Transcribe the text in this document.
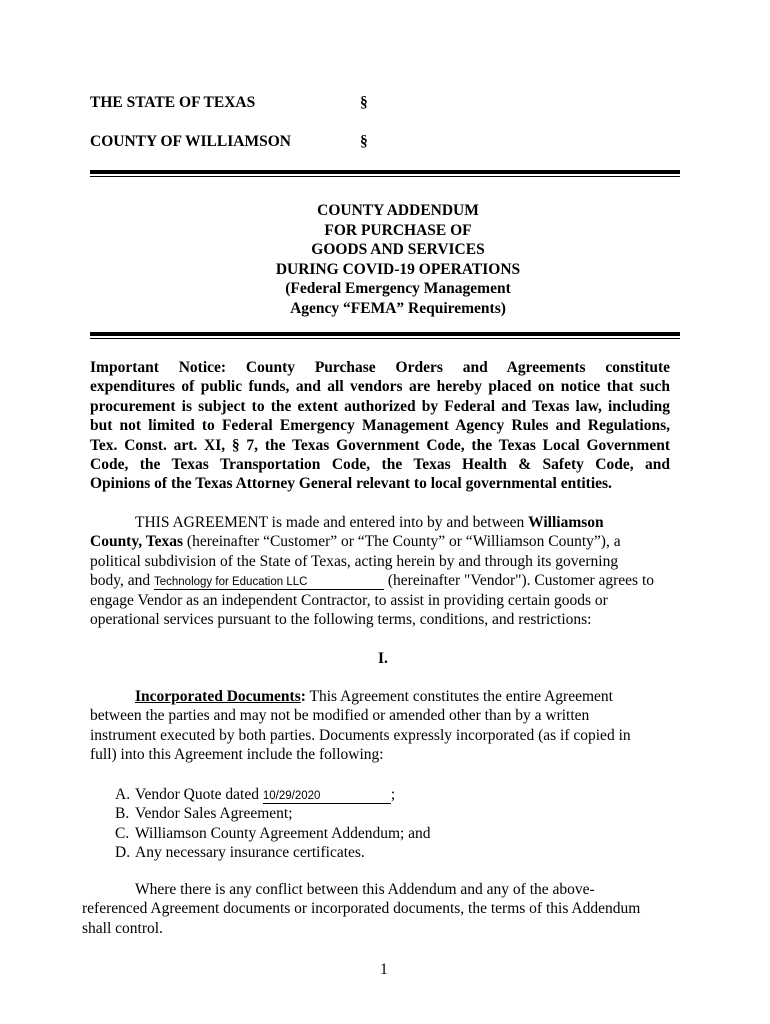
THE STATE OF TEXAS	§
COUNTY OF WILLIAMSON	§
COUNTY ADDENDUM
FOR PURCHASE OF
GOODS AND SERVICES
DURING COVID-19 OPERATIONS
(Federal Emergency Management
Agency “FEMA” Requirements)
Important Notice: County Purchase Orders and Agreements constitute
expenditures of public funds, and all vendors are hereby placed on notice that such
procurement is subject to the extent authorized by Federal and Texas law, including
but not limited to Federal Emergency Management Agency Rules and Regulations,
Tex. Const. art. XI, § 7, the Texas Government Code, the Texas Local Government
Code, the Texas Transportation Code, the Texas Health & Safety Code, and
Opinions of the Texas Attorney General relevant to local governmental entities.
THIS AGREEMENT is made and entered into by and between Williamson
County, Texas (hereinafter “Customer” or “The County” or “Williamson County”), a
political subdivision of the State of Texas, acting herein by and through its governing
body, and Technology for Education LLC	(hereinafter "Vendor"). Customer agrees to
engage Vendor as an independent Contractor, to assist in providing certain goods or
operational services pursuant to the following terms, conditions, and restrictions:
I.
Incorporated Documents: This Agreement constitutes the entire Agreement
between the parties and may not be modified or amended other than by a written
instrument executed by both parties. Documents expressly incorporated (as if copied in
full) into this Agreement include the following:
A. Vendor Quote dated 10/29/2020	;
B. Vendor Sales Agreement;
C. Williamson County Agreement Addendum; and
D. Any necessary insurance certificates.
Where there is any conflict between this Addendum and any of the above-
referenced Agreement documents or incorporated documents, the terms of this Addendum
shall control.
1
